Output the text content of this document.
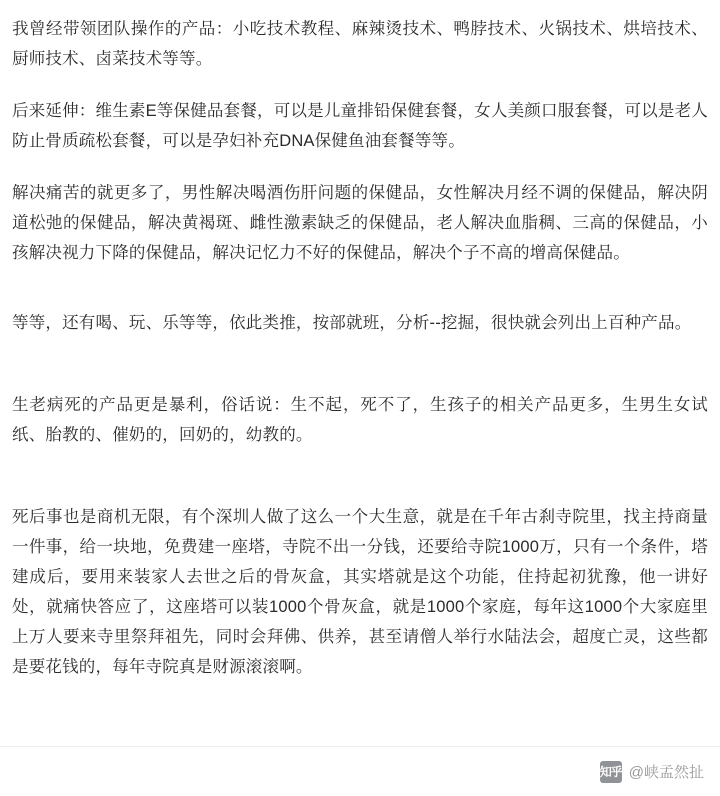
我曾经带领团队操作的产品：小吃技术教程、麻辣烫技术、鸭脖技术、火锅技术、烘培技术、厨师技术、卤菜技术等等。

后来延伸：维生素E等保健品套餐，可以是儿童排铅保健套餐，女人美颜口服套餐，可以是老人防止骨质疏松套餐，可以是孕妇补充DNA保健鱼油套餐等等。

解决痛苦的就更多了，男性解决喝酒伤肝问题的保健品，女性解决月经不调的保健品，解决阴道松弛的保健品，解决黄褐斑、雌性激素缺乏的保健品，老人解决血脂稠、三高的保健品，小孩解决视力下降的保健品，解决记忆力不好的保健品，解决个子不高的增高保健品。

等等，还有喝、玩、乐等等，依此类推，按部就班，分析--挖掘，很快就会列出上百种产品。

生老病死的产品更是暴利，俗话说：生不起，死不了，生孩子的相关产品更多，生男生女试纸、胎教的、催奶的，回奶的，幼教的。

死后事也是商机无限，有个深圳人做了这么一个大生意，就是在千年古刹寺院里，找主持商量一件事，给一块地，免费建一座塔，寺院不出一分钱，还要给寺院1000万，只有一个条件，塔建成后，要用来装家人去世之后的骨灰盒，其实塔就是这个功能，住持起初犹豫，他一讲好处，就痛快答应了，这座塔可以装1000个骨灰盒，就是1000个家庭，每年这1000个大家庭里上万人要来寺里祭拜祖先，同时会拜佛、供养，甚至请僧人举行水陆法会，超度亡灵，这些都是要花钱的，每年寺院真是财源滚滚啊。

知乎 @峡孟然扯
